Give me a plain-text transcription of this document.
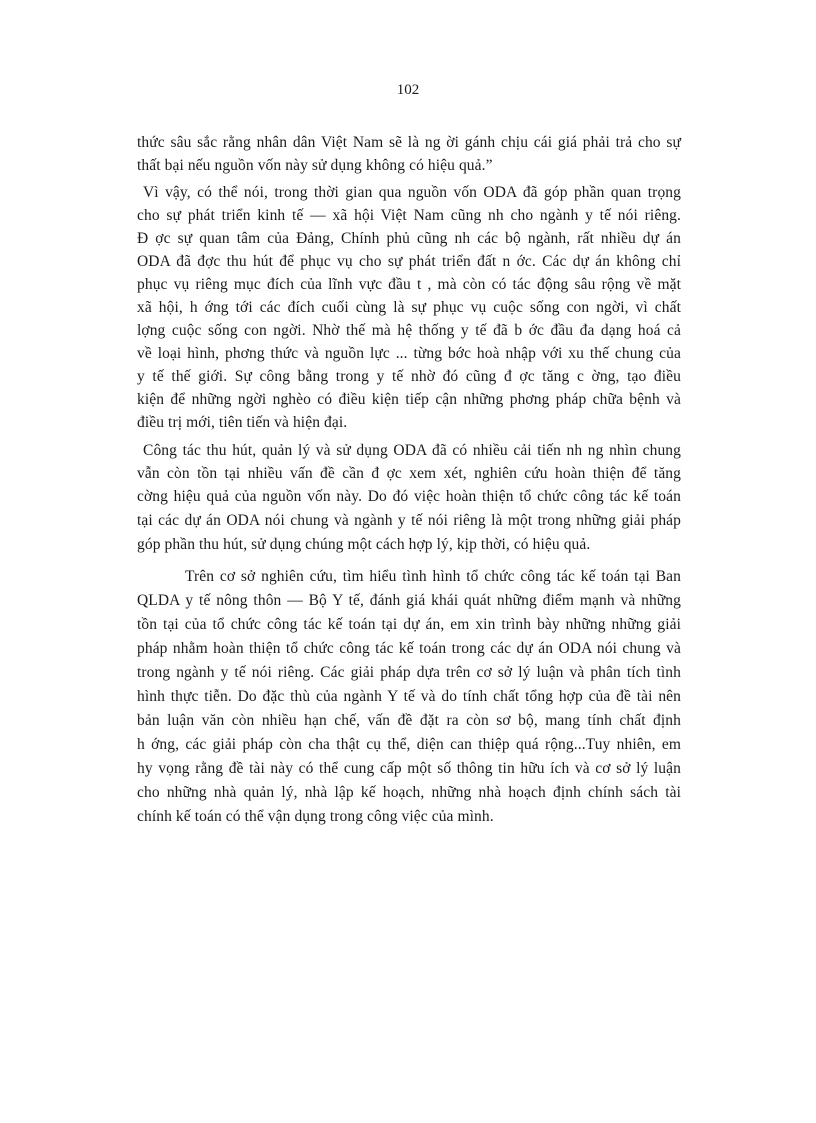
102
thức sâu sắc rằng nhân dân Việt Nam sẽ là ng ời gánh chịu cái giá phải trả cho sự
thất bại nếu nguồn vốn này sử dụng không có hiệu quả.”
Vì vậy, có thể nói, trong thời gian qua nguồn vốn ODA đã góp phần quan trọng
cho sự phát triển kinh tế — xã hội Việt Nam cũng nh cho ngành y tế nói riêng.
Đ ợc sự quan tâm của Đảng, Chính phủ cũng nh các bộ ngành, rất nhiều dự án
ODA đã đợc thu hút để phục vụ cho sự phát triển đất n ớc. Các dự án không chỉ
phục vụ riêng mục đích của lĩnh vực đầu t , mà còn có tác động sâu rộng về mặt
xã hội, h ớng tới các đích cuối cùng là sự phục vụ cuộc sống con ngời, vì chất
lợng cuộc sống con ngời. Nhờ thế mà hệ thống y tế đã b ớc đầu đa dạng hoá cả
về loại hình, phơng thức và nguồn lực ... từng bớc hoà nhập với xu thế chung của
y tế thế giới. Sự công bằng trong y tế nhờ đó cũng đ ợc tăng c ờng, tạo điều
kiện để những ngời nghèo có điều kiện tiếp cận những phơng pháp chữa bệnh và
điều trị mới, tiên tiến và hiện đại.
Công tác thu hút, quản lý và sử dụng ODA đã có nhiều cải tiến nh ng nhìn chung
vẫn còn tồn tại nhiều vấn đề cần đ ợc xem xét, nghiên cứu hoàn thiện để tăng
cờng hiệu quả của nguồn vốn này. Do đó việc hoàn thiện tổ chức công tác kế toán
tại các dự án ODA nói chung và ngành y tế nói riêng là một trong những giải pháp
góp phần thu hút, sử dụng chúng một cách hợp lý, kịp thời, có hiệu quả.
Trên cơ sở nghiên cứu, tìm hiểu tình hình tổ chức công tác kế toán tại Ban
QLDA y tế nông thôn — Bộ Y tế, đánh giá khái quát những điểm mạnh và những
tồn tại của tổ chức công tác kế toán tại dự án, em xin trình bày những những giải
pháp nhằm hoàn thiện tổ chức công tác kế toán trong các dự án ODA nói chung và
trong ngành y tế nói riêng. Các giải pháp dựa trên cơ sở lý luận và phân tích tình
hình thực tiễn. Do đặc thù của ngành Y tế và do tính chất tổng hợp của đề tài nên
bản luận văn còn nhiều hạn chế, vấn đề đặt ra còn sơ bộ, mang tính chất định
h ớng, các giải pháp còn cha thật cụ thể, diện can thiệp quá rộng...Tuy nhiên, em
hy vọng rằng đề tài này có thể cung cấp một số thông tin hữu ích và cơ sở lý luận
cho những nhà quản lý, nhà lập kế hoạch, những nhà hoạch định chính sách tài
chính kế toán có thể vận dụng trong công việc của mình.
